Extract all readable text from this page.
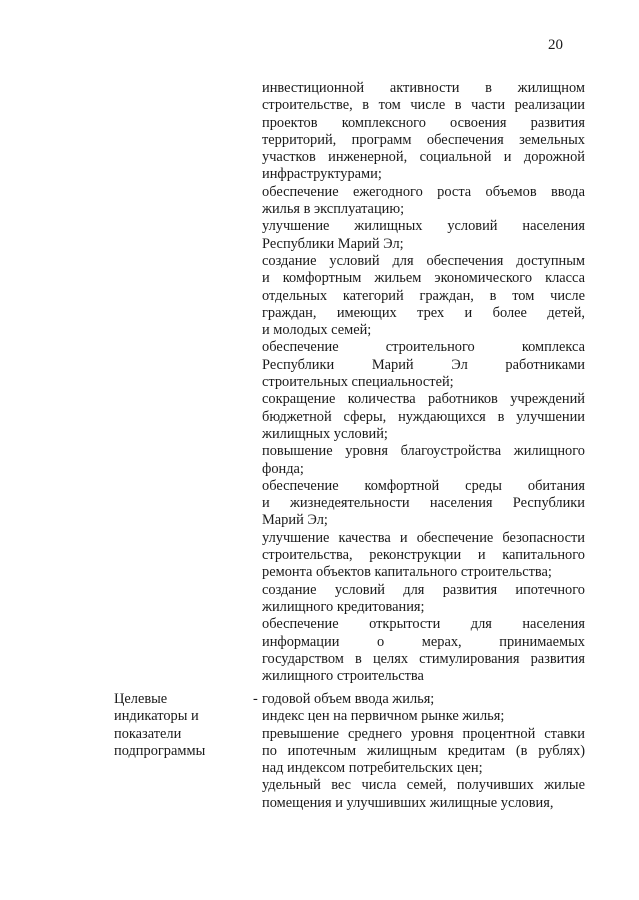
20
инвестиционной активности в жилищном
строительстве, в том числе в части реализации
проектов комплексного освоения развития
территорий, программ обеспечения земельных
участков инженерной, социальной и дорожной
инфраструктурами;
обеспечение ежегодного роста объемов ввода
жилья в эксплуатацию;
улучшение жилищных условий населения
Республики Марий Эл;
создание условий для обеспечения доступным
и комфортным жильем экономического класса
отдельных категорий граждан, в том числе
граждан, имеющих трех и более детей,
и молодых семей;
обеспечение строительного комплекса
Республики Марий Эл работниками
строительных специальностей;
сокращение количества работников учреждений
бюджетной сферы, нуждающихся в улучшении
жилищных условий;
повышение уровня благоустройства жилищного
фонда;
обеспечение комфортной среды обитания
и жизнедеятельности населения Республики
Марий Эл;
улучшение качества и обеспечение безопасности
строительства, реконструкции и капитального
ремонта объектов капитального строительства;
создание условий для развития ипотечного
жилищного кредитования;
обеспечение открытости для населения
информации о мерах, принимаемых
государством в целях стимулирования развития
жилищного строительства
Целевые
индикаторы и
показатели
подпрограммы
- годовой объем ввода жилья;
индекс цен на первичном рынке жилья;
превышение среднего уровня процентной ставки
по ипотечным жилищным кредитам (в рублях)
над индексом потребительских цен;
удельный вес числа семей, получивших жилые
помещения и улучшивших жилищные условия,
